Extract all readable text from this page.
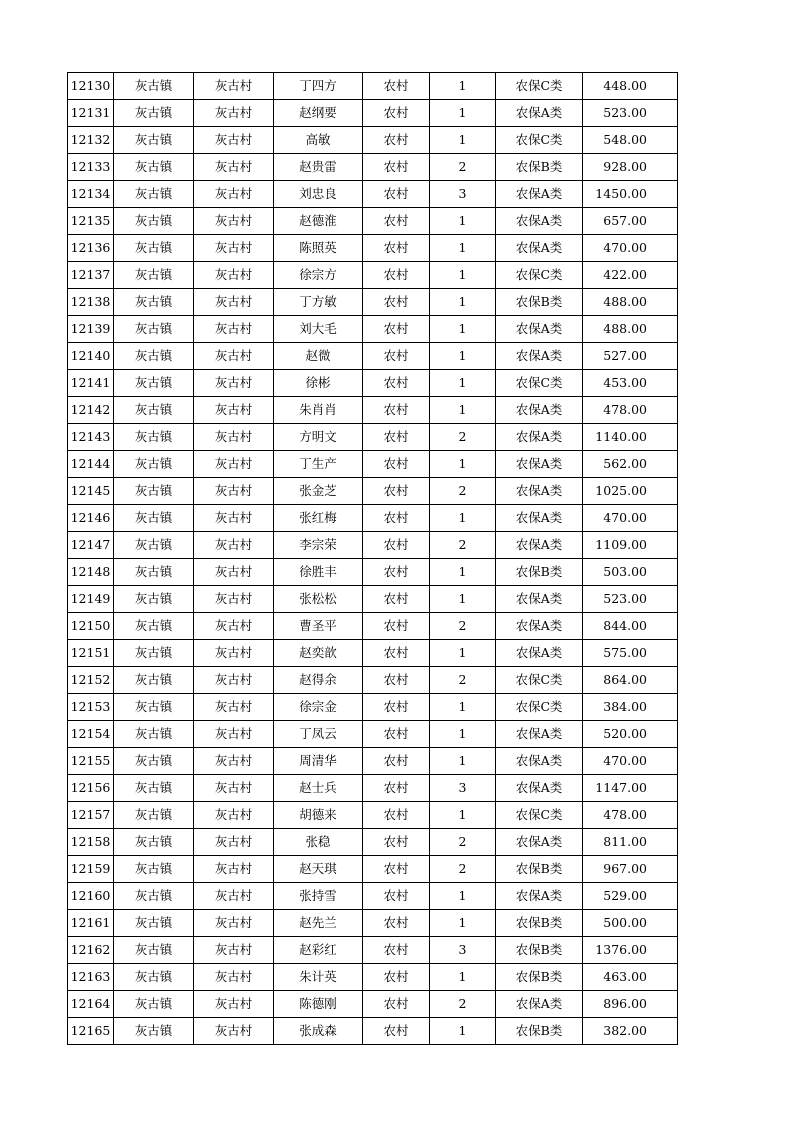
12130	灰古镇	灰古村	丁四方	农村	1	农保C类	448.00
12131	灰古镇	灰古村	赵纲要	农村	1	农保A类	523.00
12132	灰古镇	灰古村	高敏	农村	1	农保C类	548.00
12133	灰古镇	灰古村	赵贵雷	农村	2	农保B类	928.00
12134	灰古镇	灰古村	刘忠良	农村	3	农保A类	1450.00
12135	灰古镇	灰古村	赵德淮	农村	1	农保A类	657.00
12136	灰古镇	灰古村	陈照英	农村	1	农保A类	470.00
12137	灰古镇	灰古村	徐宗方	农村	1	农保C类	422.00
12138	灰古镇	灰古村	丁方敏	农村	1	农保B类	488.00
12139	灰古镇	灰古村	刘大毛	农村	1	农保A类	488.00
12140	灰古镇	灰古村	赵微	农村	1	农保A类	527.00
12141	灰古镇	灰古村	徐彬	农村	1	农保C类	453.00
12142	灰古镇	灰古村	朱肖肖	农村	1	农保A类	478.00
12143	灰古镇	灰古村	方明文	农村	2	农保A类	1140.00
12144	灰古镇	灰古村	丁生产	农村	1	农保A类	562.00
12145	灰古镇	灰古村	张金芝	农村	2	农保A类	1025.00
12146	灰古镇	灰古村	张红梅	农村	1	农保A类	470.00
12147	灰古镇	灰古村	李宗荣	农村	2	农保A类	1109.00
12148	灰古镇	灰古村	徐胜丰	农村	1	农保B类	503.00
12149	灰古镇	灰古村	张松松	农村	1	农保A类	523.00
12150	灰古镇	灰古村	曹圣平	农村	2	农保A类	844.00
12151	灰古镇	灰古村	赵奕歆	农村	1	农保A类	575.00
12152	灰古镇	灰古村	赵得余	农村	2	农保C类	864.00
12153	灰古镇	灰古村	徐宗金	农村	1	农保C类	384.00
12154	灰古镇	灰古村	丁凤云	农村	1	农保A类	520.00
12155	灰古镇	灰古村	周清华	农村	1	农保A类	470.00
12156	灰古镇	灰古村	赵士兵	农村	3	农保A类	1147.00
12157	灰古镇	灰古村	胡德来	农村	1	农保C类	478.00
12158	灰古镇	灰古村	张稳	农村	2	农保A类	811.00
12159	灰古镇	灰古村	赵天琪	农村	2	农保B类	967.00
12160	灰古镇	灰古村	张持雪	农村	1	农保A类	529.00
12161	灰古镇	灰古村	赵先兰	农村	1	农保B类	500.00
12162	灰古镇	灰古村	赵彩红	农村	3	农保B类	1376.00
12163	灰古镇	灰古村	朱计英	农村	1	农保B类	463.00
12164	灰古镇	灰古村	陈德刚	农村	2	农保A类	896.00
12165	灰古镇	灰古村	张成森	农村	1	农保B类	382.00
